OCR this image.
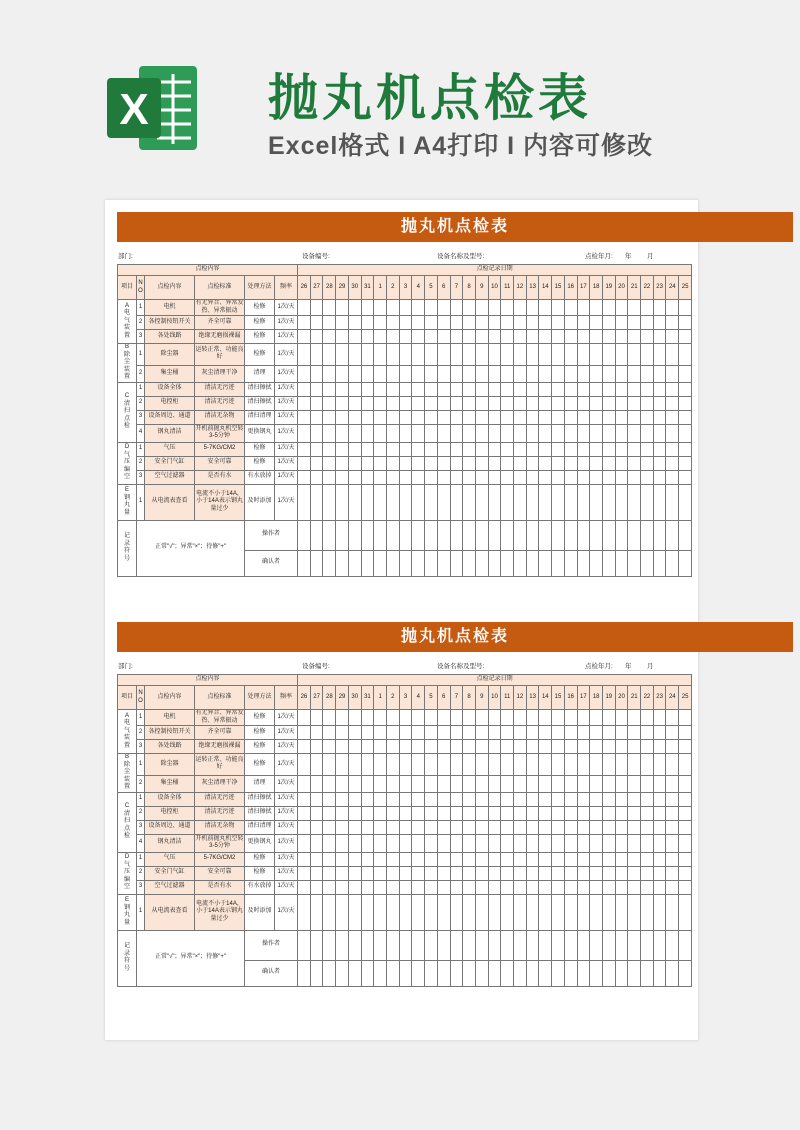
X 抛丸机点检表
Excel格式 I A4打印 I 内容可修改
抛丸机点检表
部门:	设备编号:	设备名称及型号:	点检年月: 年 月
点检内容						点检记录日期																														
项目	N O	点检内容	点检标准	处理方法	频率	26	27	28	29	30	31	1	2	3	4	5	6	7	8	9	10	11	12	13	14	15	16	17	18	19	20	21	22	23	24	25
A 电气装置	1	电机	有无异音、异常发热、异常振动	检修	1次/天																															
	2	各控制按钮开关	齐全可靠	检修	1次/天																															
	3	各处线路	绝缘无磨损裸漏	检修	1次/天																															
B 除尘装置	1	除尘器	运转正常、功能良好	检修	1次/天																															
	2	集尘桶	灰尘清理干净	清理	1次/天																															
C 清扫点检	1	设备全体	清洁无污迹	清扫擦拭	1次/天																															
	2	电控柜	清洁无污迹	清扫擦拭	1次/天																															
	3	设备周边、通道	清洁无杂物	清扫清理	1次/天																															
	4	钢丸清洁	开机前抛丸机空转3-5分钟	更换钢丸	1次/天																															
D 气压编空	1	气压	5-7KG/CM2	检修	1次/天																															
	2	安全门气缸	安全可靠	检修	1次/天																															
	3	空气过滤器	是否有水	有水放掉	1次/天																															
E 钢丸量	1	从电流表查看	电流不小于14A，小于14A表示钢丸量过少	及时添加	1次/天																															
记录符号	正常"√"；异常"×"；待修"+"			操作者																																
				确认者																																
抛丸机点检表
部门:	设备编号:	设备名称及型号:	点检年月: 年 月
点检内容						点检记录日期																														
项目	N O	点检内容	点检标准	处理方法	频率	26	27	28	29	30	31	1	2	3	4	5	6	7	8	9	10	11	12	13	14	15	16	17	18	19	20	21	22	23	24	25
A 电气装置	1	电机	有无异音、异常发热、异常振动	检修	1次/天																															
	2	各控制按钮开关	齐全可靠	检修	1次/天																															
	3	各处线路	绝缘无磨损裸漏	检修	1次/天																															
B 除尘装置	1	除尘器	运转正常、功能良好	检修	1次/天																															
	2	集尘桶	灰尘清理干净	清理	1次/天																															
C 清扫点检	1	设备全体	清洁无污迹	清扫擦拭	1次/天																															
	2	电控柜	清洁无污迹	清扫擦拭	1次/天																															
	3	设备周边、通道	清洁无杂物	清扫清理	1次/天																															
	4	钢丸清洁	开机前抛丸机空转3-5分钟	更换钢丸	1次/天																															
D 气压编空	1	气压	5-7KG/CM2	检修	1次/天																															
	2	安全门气缸	安全可靠	检修	1次/天																															
	3	空气过滤器	是否有水	有水放掉	1次/天																															
E 钢丸量	1	从电流表查看	电流不小于14A，小于14A表示钢丸量过少	及时添加	1次/天																															
记录符号	正常"√"；异常"×"；待修"+"			操作者																																
				确认者																																
